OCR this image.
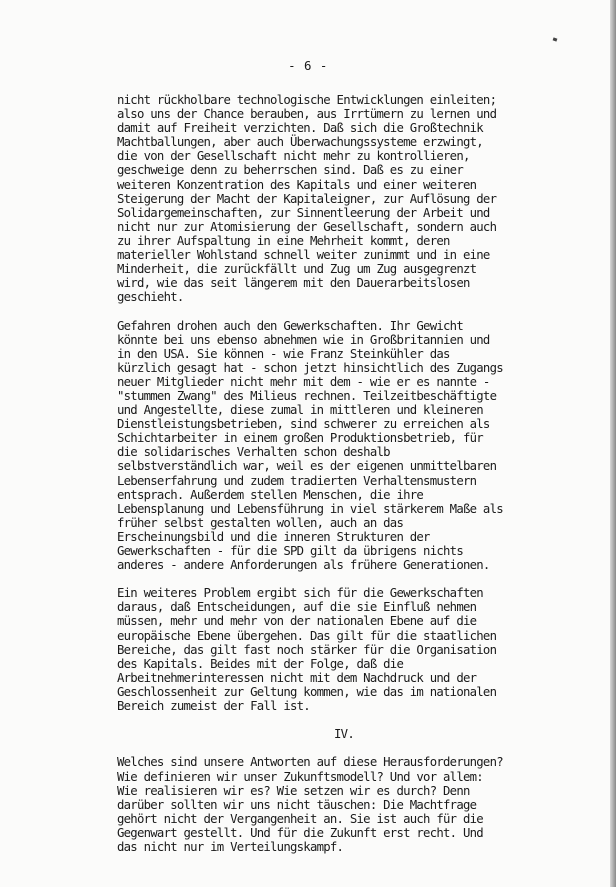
- 6 -
nicht rückholbare technologische Entwicklungen einleiten;
also uns der Chance berauben, aus Irrtümern zu lernen und
damit auf Freiheit verzichten. Daß sich die Großtechnik
Machtballungen, aber auch Überwachungssysteme erzwingt,
die von der Gesellschaft nicht mehr zu kontrollieren,
geschweige denn zu beherrschen sind. Daß es zu einer
weiteren Konzentration des Kapitals und einer weiteren
Steigerung der Macht der Kapitaleigner, zur Auflösung der
Solidargemeinschaften, zur Sinnentleerung der Arbeit und
nicht nur zur Atomisierung der Gesellschaft, sondern auch
zu ihrer Aufspaltung in eine Mehrheit kommt, deren
materieller Wohlstand schnell weiter zunimmt und in eine
Minderheit, die zurückfällt und Zug um Zug ausgegrenzt
wird, wie das seit längerem mit den Dauerarbeitslosen
geschieht.
Gefahren drohen auch den Gewerkschaften. Ihr Gewicht
könnte bei uns ebenso abnehmen wie in Großbritannien und
in den USA. Sie können - wie Franz Steinkühler das
kürzlich gesagt hat - schon jetzt hinsichtlich des Zugangs
neuer Mitglieder nicht mehr mit dem - wie er es nannte -
"stummen Zwang" des Milieus rechnen. Teilzeitbeschäftigte
und Angestellte, diese zumal in mittleren und kleineren
Dienstleistungsbetrieben, sind schwerer zu erreichen als
Schichtarbeiter in einem großen Produktionsbetrieb, für
die solidarisches Verhalten schon deshalb
selbstverständlich war, weil es der eigenen unmittelbaren
Lebenserfahrung und zudem tradierten Verhaltensmustern
entsprach. Außerdem stellen Menschen, die ihre
Lebensplanung und Lebensführung in viel stärkerem Maße als
früher selbst gestalten wollen, auch an das
Erscheinungsbild und die inneren Strukturen der
Gewerkschaften - für die SPD gilt da übrigens nichts
anderes - andere Anforderungen als frühere Generationen.
Ein weiteres Problem ergibt sich für die Gewerkschaften
daraus, daß Entscheidungen, auf die sie Einfluß nehmen
müssen, mehr und mehr von der nationalen Ebene auf die
europäische Ebene übergehen. Das gilt für die staatlichen
Bereiche, das gilt fast noch stärker für die Organisation
des Kapitals. Beides mit der Folge, daß die
Arbeitnehmerinteressen nicht mit dem Nachdruck und der
Geschlossenheit zur Geltung kommen, wie das im nationalen
Bereich zumeist der Fall ist.
IV.
Welches sind unsere Antworten auf diese Herausforderungen?
Wie definieren wir unser Zukunftsmodell? Und vor allem:
Wie realisieren wir es? Wie setzen wir es durch? Denn
darüber sollten wir uns nicht täuschen: Die Machtfrage
gehört nicht der Vergangenheit an. Sie ist auch für die
Gegenwart gestellt. Und für die Zukunft erst recht. Und
das nicht nur im Verteilungskampf.
